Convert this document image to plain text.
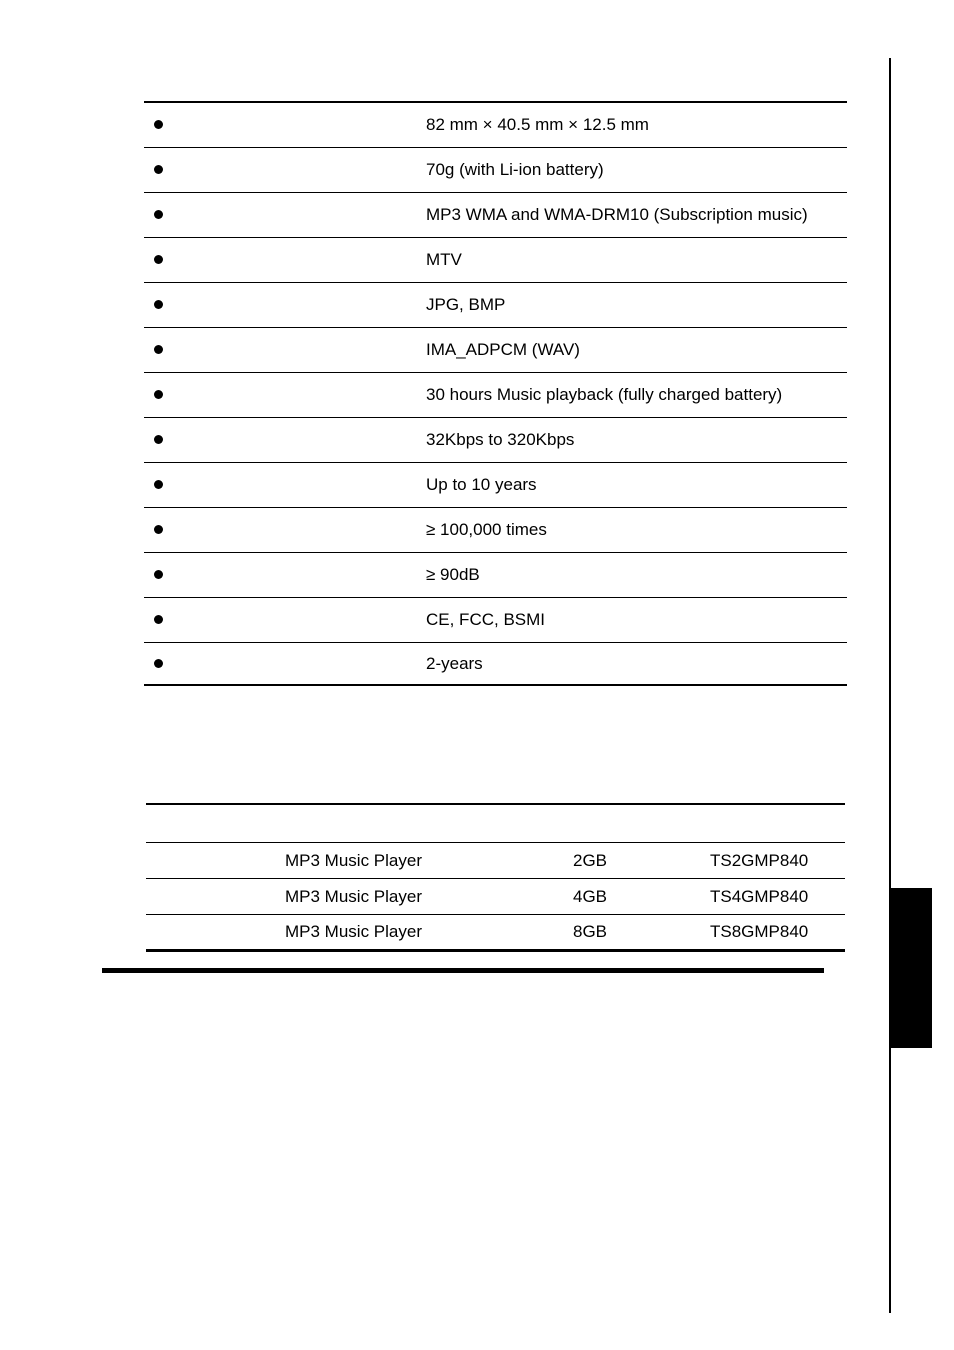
82 mm × 40.5 mm × 12.5 mm
70g (with Li-ion battery)
MP3 WMA and WMA-DRM10 (Subscription music)
MTV
JPG, BMP
IMA_ADPCM (WAV)
30 hours Music playback (fully charged battery)
32Kbps to 320Kbps
Up to 10 years
≥ 100,000 times
≥ 90dB
CE, FCC, BSMI
2-years
MP3 Music Player	2GB	TS2GMP840
MP3 Music Player	4GB	TS4GMP840
MP3 Music Player	8GB	TS8GMP840
